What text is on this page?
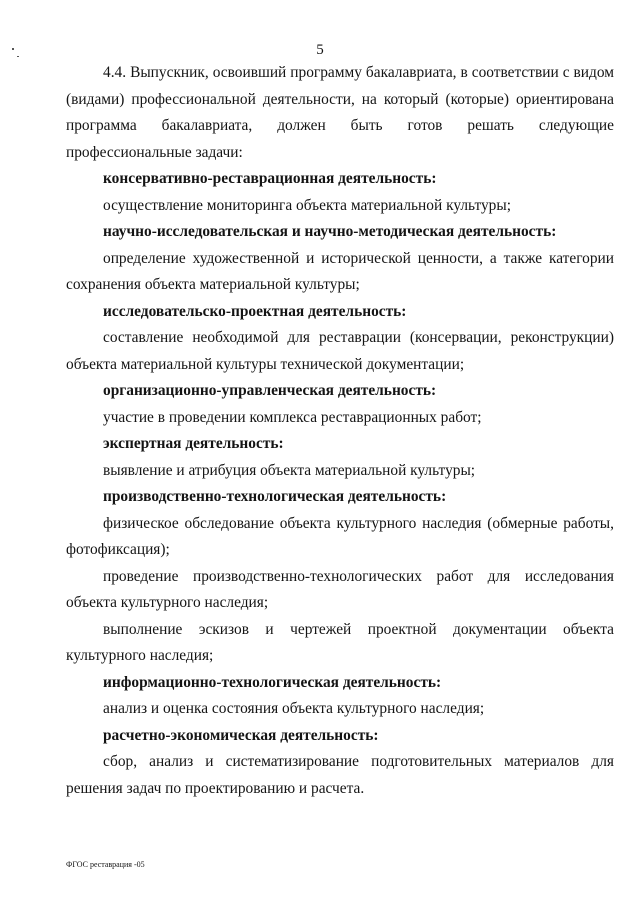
5

4.4. Выпускник, освоивший программу бакалавриата, в соответствии с видом (видами) профессиональной деятельности, на который (которые) ориентирована программа бакалавриата, должен быть готов решать следующие профессиональные задачи:

консервативно-реставрационная деятельность:

осуществление мониторинга объекта материальной культуры;

научно-исследовательская и научно-методическая деятельность:

определение художественной и исторической ценности, а также категории сохранения объекта материальной культуры;

исследовательско-проектная деятельность:

составление необходимой для реставрации (консервации, реконструкции) объекта материальной культуры технической документации;

организационно-управленческая деятельность:

участие в проведении комплекса реставрационных работ;

экспертная деятельность:

выявление и атрибуция объекта материальной культуры;

производственно-технологическая деятельность:

физическое обследование объекта культурного наследия (обмерные работы, фотофиксация);

проведение производственно-технологических работ для исследования объекта культурного наследия;

выполнение эскизов и чертежей проектной документации объекта культурного наследия;

информационно-технологическая деятельность:

анализ и оценка состояния объекта культурного наследия;

расчетно-экономическая деятельность:

сбор, анализ и систематизирование подготовительных материалов для решения задач по проектированию и расчета.

ФГОС реставрация -05
